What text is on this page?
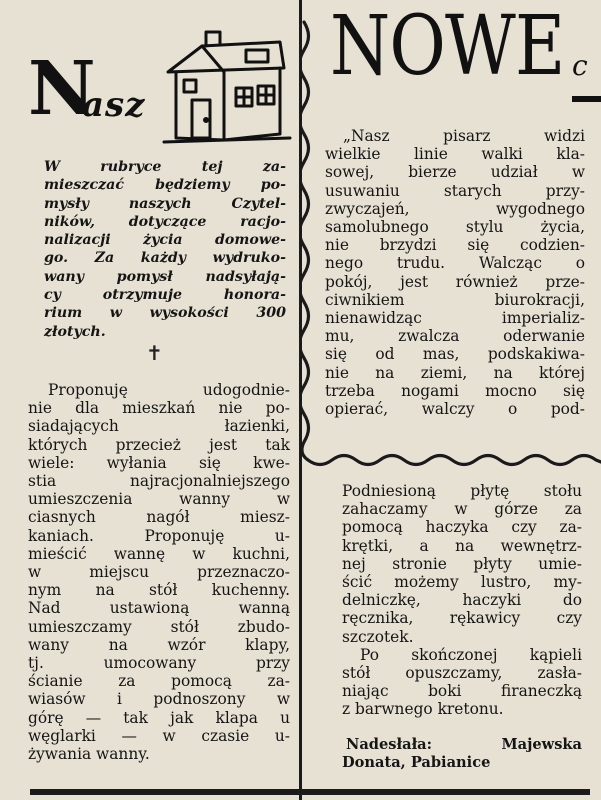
N
asz
W rubryce tej za-
mieszczać będziemy po-
mysły naszych Czytel-
ników, dotyczące racjo-
nalizacji życia domowe-
go. Za każdy wydruko-
wany pomysł nadsyłają-
cy otrzymuje honora-
rium w wysokości 300
złotych.
✝
Proponuję udogodnie-
nie dla mieszkań nie po-
siadających łazienki,
których przecież jest tak
wiele: wyłania się kwe-
stia najracjonalniejszego
umieszczenia wanny w
ciasnych nagół miesz-
kaniach. Proponuję u-
mieścić wannę w kuchni,
w miejscu przeznaczo-
nym na stół kuchenny.
Nad ustawioną wanną
umieszczamy stół zbudo-
wany na wzór klapy,
tj. umocowany przy
ścianie za pomocą za-
wiasów i podnoszony w
górę — tak jak klapa u
węglarki — w czasie u-
żywania wanny.
NOWE c
„Nasz pisarz widzi
wielkie linie walki kla-
sowej, bierze udział w
usuwaniu starych przy-
zwyczajeń, wygodnego
samolubnego stylu życia,
nie brzydzi się codzien-
nego trudu. Walcząc o
pokój, jest również prze-
ciwnikiem biurokracji,
nienawidząc imperializ-
mu, zwalcza oderwanie
się od mas, podskakiwa-
nie na ziemi, na której
trzeba nogami mocno się
opierać, walczy o pod-
Podniesioną płytę stołu
zahaczamy w górze za
pomocą haczyka czy za-
krętki, a na wewnętrz-
nej stronie płyty umie-
ścić możemy lustro, my-
delniczkę, haczyki do
ręcznika, rękawicy czy
szczotek.
Po skończonej kąpieli
stół opuszczamy, zasła-
niając boki firaneczką
z barwnego kretonu.
Nadesłała: Majewska
Donata, Pabianice
